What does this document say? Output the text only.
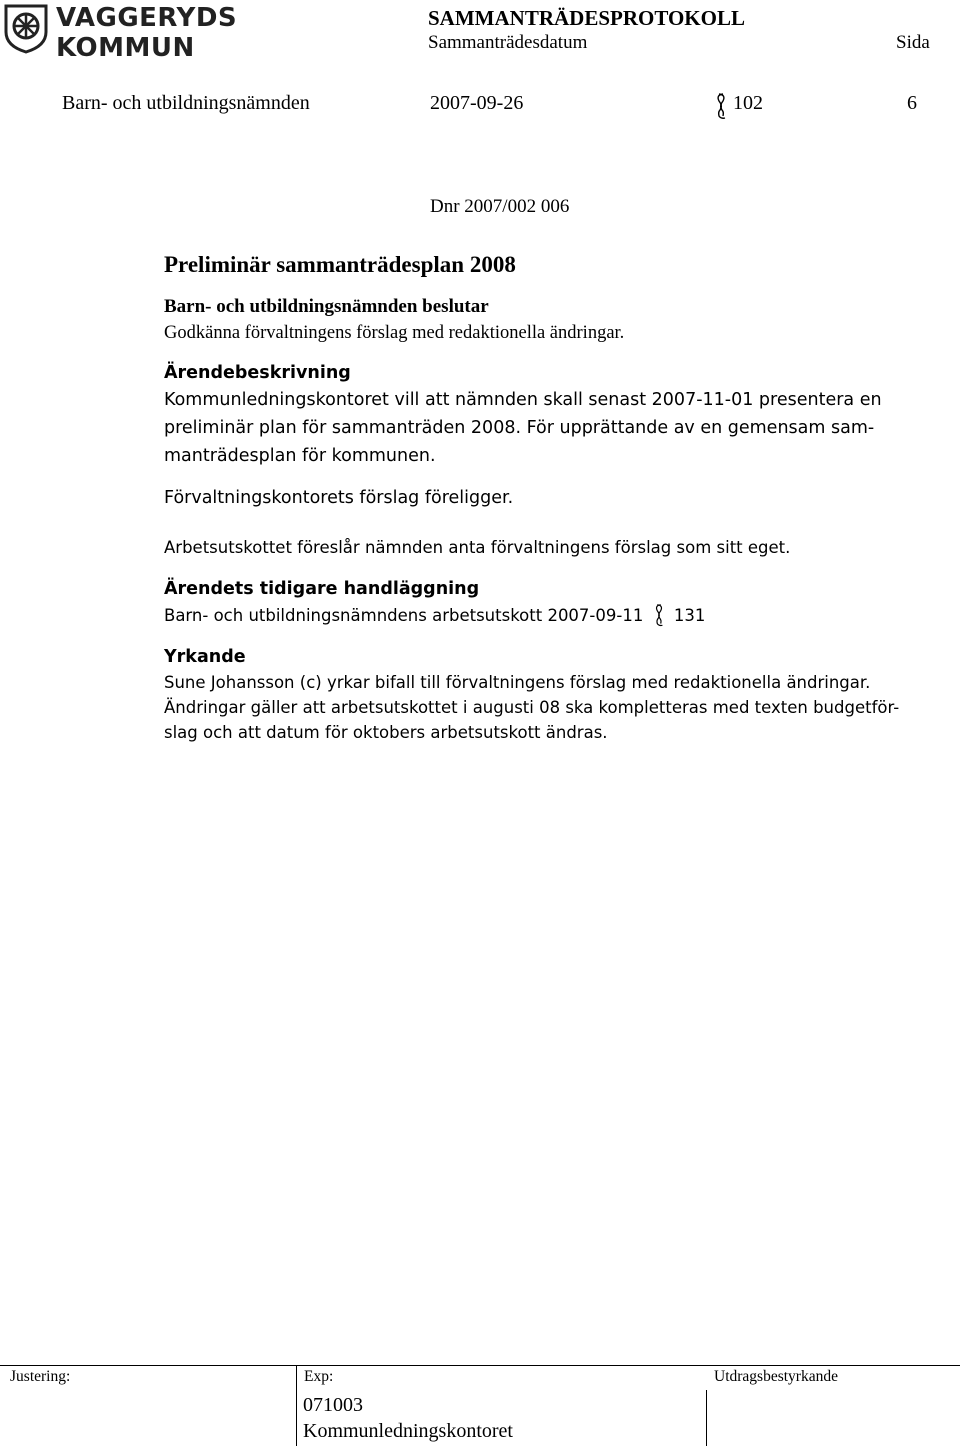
VAGGERYDS
KOMMUN
SAMMANTRÄDESPROTOKOLL
Sammanträdesdatum	Sida
Barn- och utbildningsnämnden	2007-09-26	102	6
Dnr 2007/002 006

Preliminär sammanträdesplan 2008

Barn- och utbildningsnämnden beslutar

Godkänna förvaltningens förslag med redaktionella ändringar.

Ärendebeskrivning

Kommunledningskontoret vill att nämnden skall senast 2007-11-01 presentera en

preliminär plan för sammanträden 2008. För upprättande av en gemensam sam-

manträdesplan för kommunen.

Förvaltningskontorets förslag föreligger.

Arbetsutskottet föreslår nämnden anta förvaltningens förslag som sitt eget.

Ärendets tidigare handläggning

Barn- och utbildningsnämndens arbetsutskott 2007-09-11 131

Yrkande

Sune Johansson (c) yrkar bifall till förvaltningens förslag med redaktionella ändringar.

Ändringar gäller att arbetsutskottet i augusti 08 ska kompletteras med texten budgetför-

slag och att datum för oktobers arbetsutskott ändras.

Justering:	Exp:	Utdragsbestyrkande
071003
Kommunledningskontoret
